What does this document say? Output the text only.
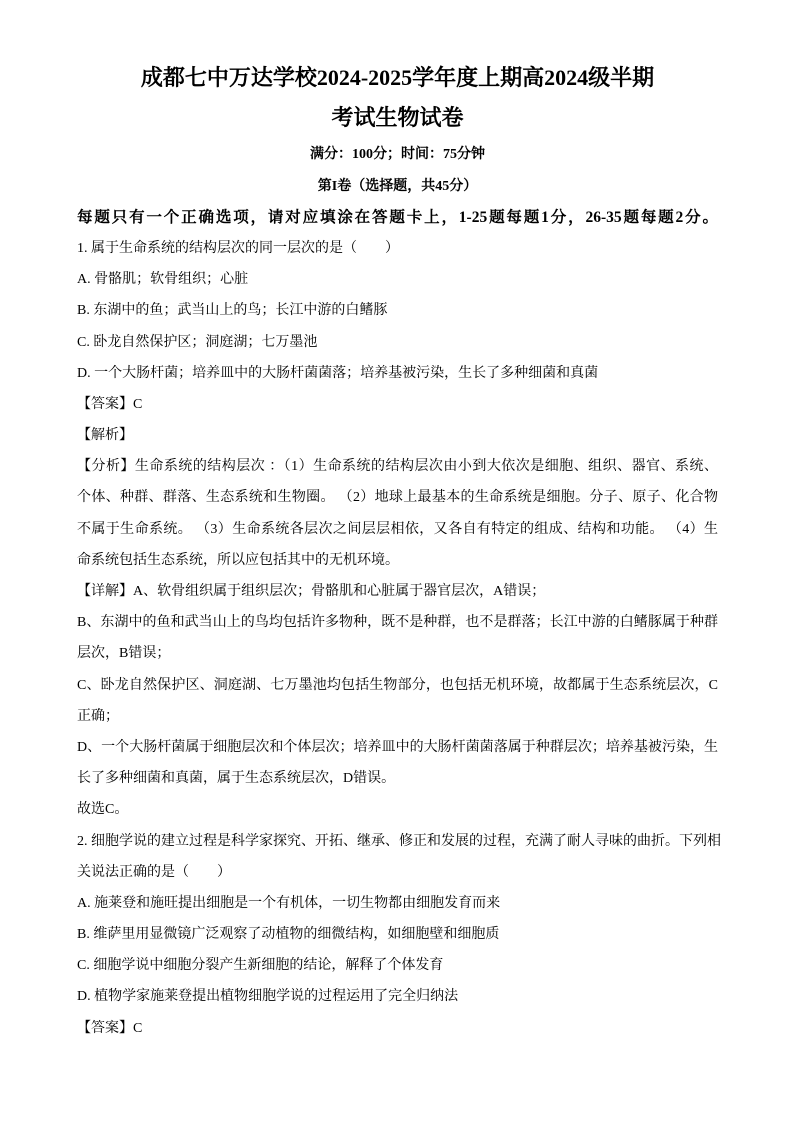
成都七中万达学校2024-2025学年度上期高2024级半期
考试生物试卷
满分：100分；时间：75分钟
第I卷（选择题，共45分）
每题只有一个正确选项，请对应填涂在答题卡上，1-25题每题1分，26-35题每题2分。
1. 属于生命系统的结构层次的同一层次的是（　　）
A. 骨骼肌；软骨组织；心脏
B. 东湖中的鱼；武当山上的鸟；长江中游的白鳍豚
C. 卧龙自然保护区；洞庭湖；七万墨池
D. 一个大肠杆菌；培养皿中的大肠杆菌菌落；培养基被污染，生长了多种细菌和真菌
【答案】C
【解析】
【分析】生命系统的结构层次 ：（1）生命系统的结构层次由小到大依次是细胞、组织、器官、系统、
个体、种群、群落、生态系统和生物圈。 （2）地球上最基本的生命系统是细胞。分子、原子、化合物
不属于生命系统。 （3）生命系统各层次之间层层相依，又各自有特定的组成、结构和功能。 （4）生
命系统包括生态系统，所以应包括其中的无机环境。
【详解】A、软骨组织属于组织层次；骨骼肌和心脏属于器官层次，A错误；
B、东湖中的鱼和武当山上的鸟均包括许多物种，既不是种群，也不是群落；长江中游的白鳍豚属于种群
层次，B错误；
C、卧龙自然保护区、洞庭湖、七万墨池均包括生物部分，也包括无机环境，故都属于生态系统层次，C
正确；
D、一个大肠杆菌属于细胞层次和个体层次；培养皿中的大肠杆菌菌落属于种群层次；培养基被污染，生
长了多种细菌和真菌，属于生态系统层次，D错误。
故选C。
2. 细胞学说的建立过程是科学家探究、开拓、继承、修正和发展的过程，充满了耐人寻味的曲折。下列相
关说法正确的是（　　）
A. 施莱登和施旺提出细胞是一个有机体，一切生物都由细胞发育而来
B. 维萨里用显微镜广泛观察了动植物的细微结构，如细胞壁和细胞质
C. 细胞学说中细胞分裂产生新细胞的结论，解释了个体发育
D. 植物学家施莱登提出植物细胞学说的过程运用了完全归纳法
【答案】C
